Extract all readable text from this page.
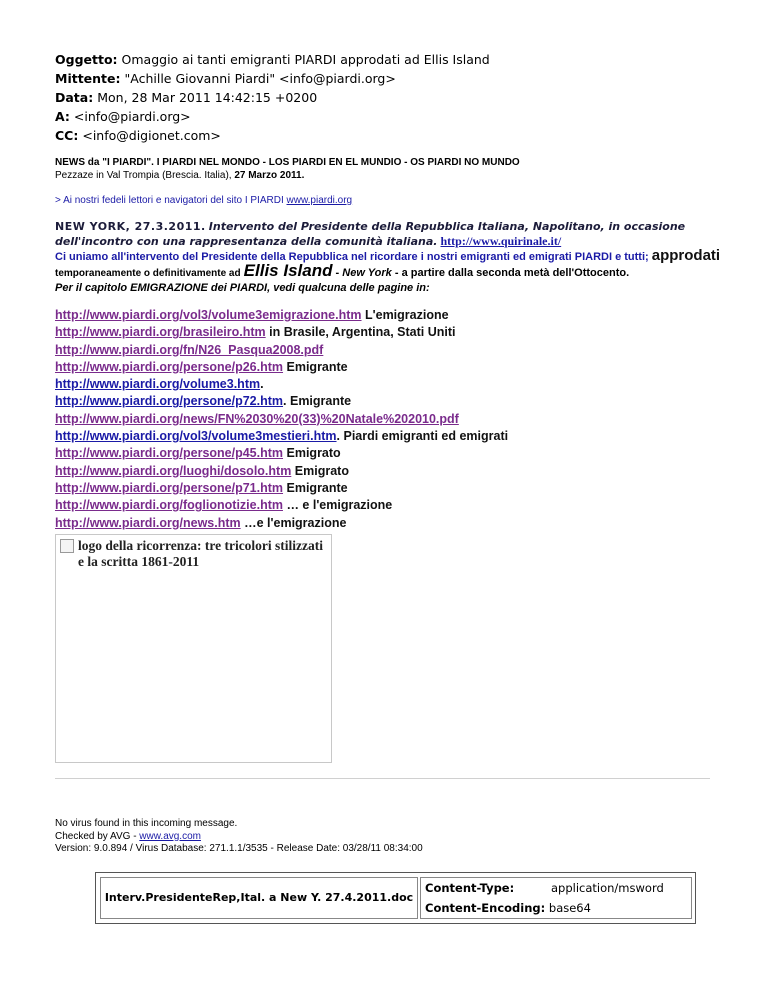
Oggetto: Omaggio ai tanti emigranti PIARDI approdati ad Ellis Island
Mittente: "Achille Giovanni Piardi" <info@piardi.org>
Data: Mon, 28 Mar 2011 14:42:15 +0200
A: <info@piardi.org>
CC: <info@digionet.com>
NEWS da "I PIARDI". I PIARDI NEL MONDO - LOS PIARDI EN EL MUNDIO - OS PIARDI NO MUNDO
Pezzaze in Val Trompia (Brescia. Italia), 27 Marzo 2011.
> Ai nostri fedeli lettori e navigatori del sito I PIARDI www.piardi.org
NEW YORK, 27.3.2011. Intervento del Presidente della Repubblica Italiana, Napolitano, in occasione dell'incontro con una rappresentanza della comunità italiana. http://www.quirinale.it/
Ci uniamo all'intervento del Presidente della Repubblica nel ricordare i nostri emigranti ed emigrati PIARDI e tutti; approdati temporaneamente o definitivamente ad Ellis Island - New York - a partire dalla seconda metà dell'Ottocento.
Per il capitolo EMIGRAZIONE dei PIARDI, vedi qualcuna delle pagine in:
http://www.piardi.org/vol3/volume3emigrazione.htm L'emigrazione
http://www.piardi.org/brasileiro.htm in Brasile, Argentina, Stati Uniti
http://www.piardi.org/fn/N26_Pasqua2008.pdf
http://www.piardi.org/persone/p26.htm Emigrante
http://www.piardi.org/volume3.htm.
http://www.piardi.org/persone/p72.htm. Emigrante
http://www.piardi.org/news/FN%2030%20(33)%20Natale%202010.pdf
http://www.piardi.org/vol3/volume3mestieri.htm. Piardi emigranti ed emigrati
http://www.piardi.org/persone/p45.htm Emigrato
http://www.piardi.org/luoghi/dosolo.htm Emigrato
http://www.piardi.org/persone/p71.htm Emigrante
http://www.piardi.org/foglionotizie.htm … e l'emigrazione
http://www.piardi.org/news.htm …e l'emigrazione
logo della ricorrenza: tre tricolori stilizzati e la scritta 1861-2011
No virus found in this incoming message.
Checked by AVG - www.avg.com
Version: 9.0.894 / Virus Database: 271.1.1/3535 - Release Date: 03/28/11 08:34:00
Interv.PresidenteRep,Ital. a New Y. 27.4.2011.doc
Content-Type:	application/msword
Content-Encoding: base64
